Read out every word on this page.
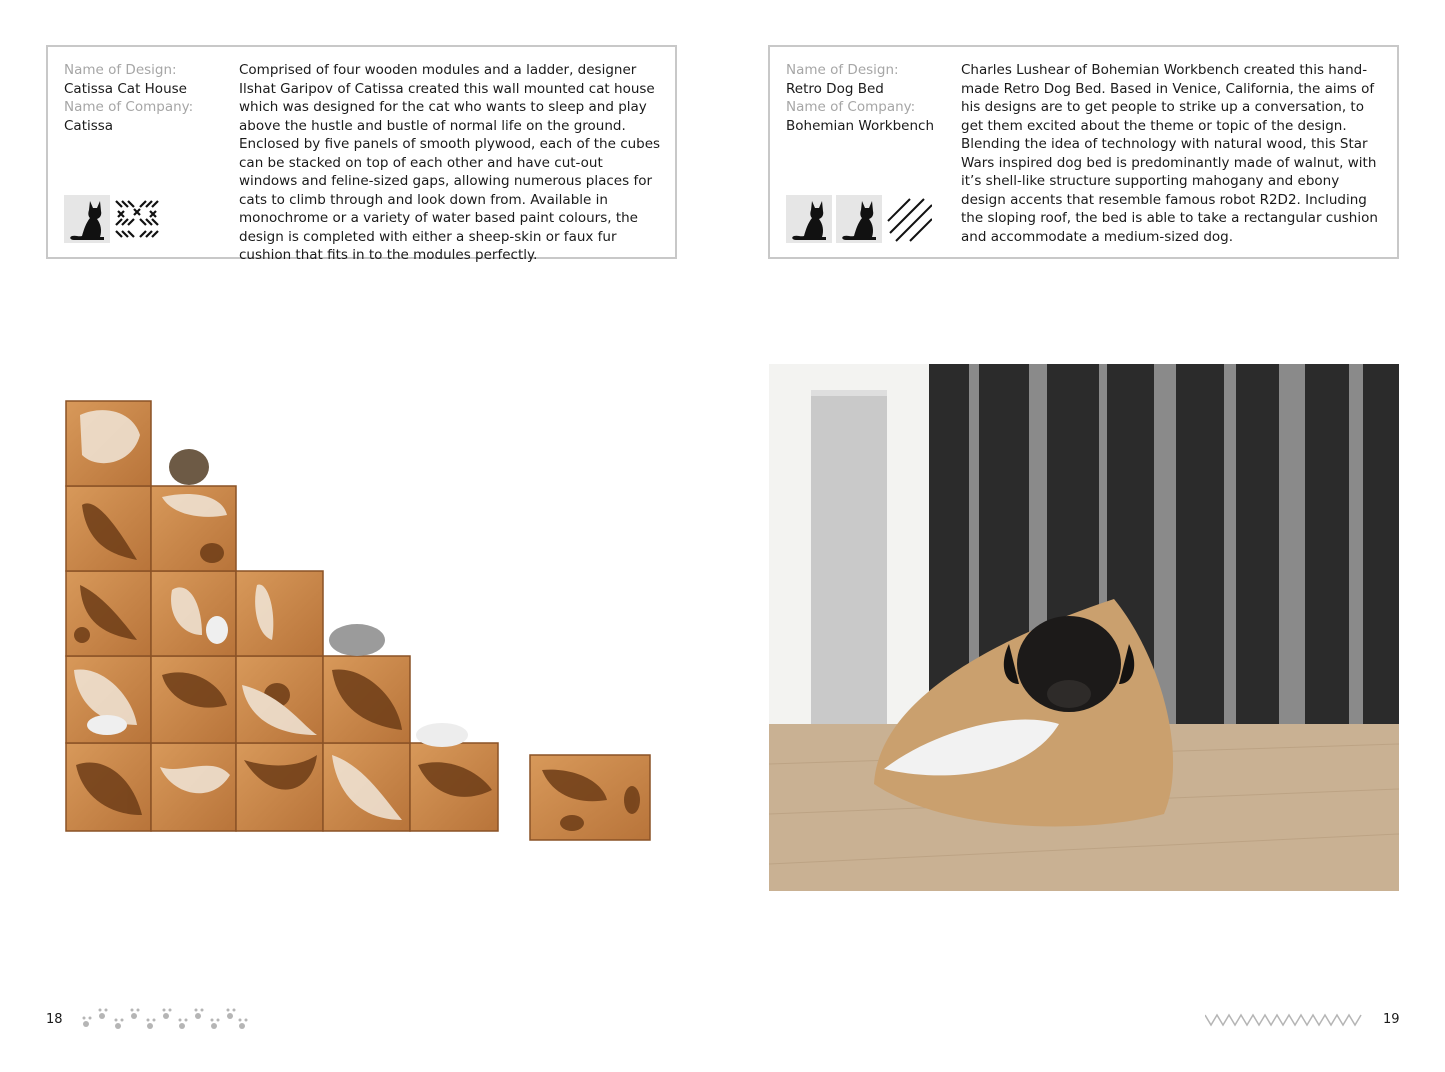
Name of Design:
Catissa Cat House
Name of Company:
Catissa
Comprised of four wooden modules and a ladder, designer Ilshat Garipov of Catissa created this wall mounted cat house which was designed for the cat who wants to sleep and play above the hustle and bustle of normal life on the ground. Enclosed by five panels of smooth plywood, each of the cubes can be stacked on top of each other and have cut-out windows and feline-sized gaps, allowing numerous places for cats to climb through and look down from. Available in monochrome or a variety of water based paint colours, the design is completed with either a sheep-skin or faux fur cushion that fits in to the modules perfectly.
Name of Design:
Retro Dog Bed
Name of Company:
Bohemian Workbench
Charles Lushear of Bohemian Workbench created this hand-made Retro Dog Bed. Based in Venice, California, the aims of his designs are to get people to strike up a conversation, to get them excited about the theme or topic of the design. Blending the idea of technology with natural wood, this Star Wars inspired dog bed is predominantly made of walnut, with it’s shell-like structure supporting mahogany and ebony design accents that resemble famous robot R2D2. Including the sloping roof, the bed is able to take a rectangular cushion and accommodate a medium-sized dog.
18	19
